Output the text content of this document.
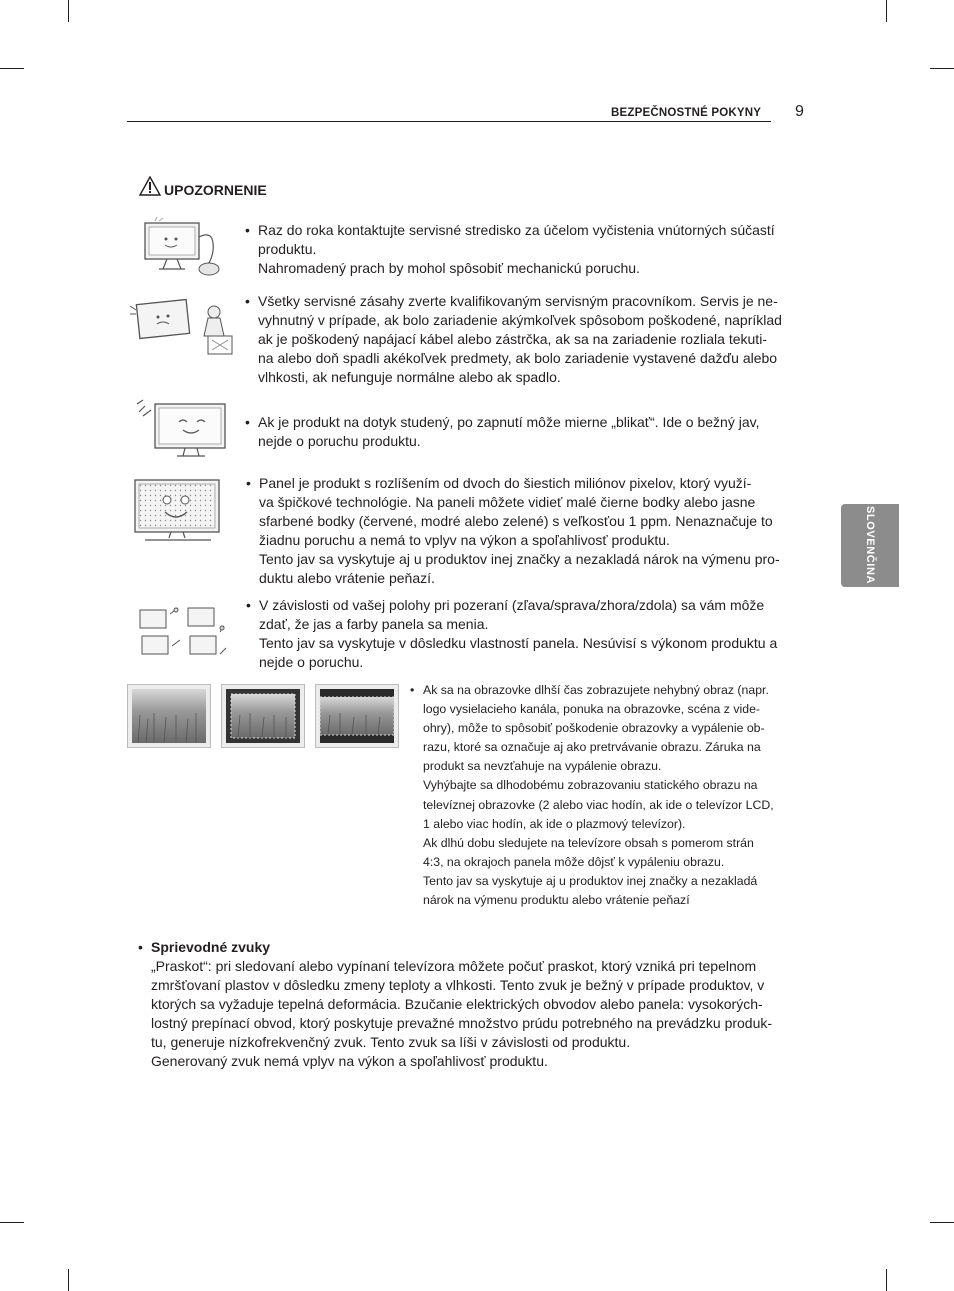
BEZPEČNOSTNÉ POKYNY 9
SLOVENČINA
UPOZORNENIE
• Raz do roka kontaktujte servisné stredisko za účelom vyčistenia vnútorných súčastí

produktu.

Nahromadený prach by mohol spôsobiť mechanickú poruchu.

• Všetky servisné zásahy zverte kvalifikovaným servisným pracovníkom. Servis je ne-

vyhnutný v prípade, ak bolo zariadenie akýmkoľvek spôsobom poškodené, napríklad

ak je poškodený napájací kábel alebo zástrčka, ak sa na zariadenie rozliala tekuti-

na alebo doň spadli akékoľvek predmety, ak bolo zariadenie vystavené dažďu alebo

vlhkosti, ak nefunguje normálne alebo ak spadlo.

• Ak je produkt na dotyk studený, po zapnutí môže mierne „blikať“. Ide o bežný jav,

nejde o poruchu produktu.

• Panel je produkt s rozlíšením od dvoch do šiestich miliónov pixelov, ktorý využí-

va špičkové technológie. Na paneli môžete vidieť malé čierne bodky alebo jasne

sfarbené bodky (červené, modré alebo zelené) s veľkosťou 1 ppm. Nenaznačuje to

žiadnu poruchu a nemá to vplyv na výkon a spoľahlivosť produktu.

Tento jav sa vyskytuje aj u produktov inej značky a nezakladá nárok na výmenu pro-

duktu alebo vrátenie peňazí.

• V závislosti od vašej polohy pri pozeraní (zľava/sprava/zhora/zdola) sa vám môže

zdať, že jas a farby panela sa menia.

Tento jav sa vyskytuje v dôsledku vlastností panela. Nesúvisí s výkonom produktu a

nejde o poruchu.

• Ak sa na obrazovke dlhší čas zobrazujete nehybný obraz (napr.

logo vysielacieho kanála, ponuka na obrazovke, scéna z vide-

ohry), môže to spôsobiť poškodenie obrazovky a vypálenie ob-

razu, ktoré sa označuje aj ako pretrvávanie obrazu. Záruka na

produkt sa nevzťahuje na vypálenie obrazu.

Vyhýbajte sa dlhodobému zobrazovaniu statického obrazu na

televíznej obrazovke (2 alebo viac hodín, ak ide o televízor LCD,

1 alebo viac hodín, ak ide o plazmový televízor).

Ak dlhú dobu sledujete na televízore obsah s pomerom strán

4:3, na okrajoch panela môže dôjsť k vypáleniu obrazu.

Tento jav sa vyskytuje aj u produktov inej značky a nezakladá

nárok na výmenu produktu alebo vrátenie peňazí

• Sprievodné zvuky

„Praskot“: pri sledovaní alebo vypínaní televízora môžete počuť praskot, ktorý vzniká pri tepelnom

zmršťovaní plastov v dôsledku zmeny teploty a vlhkosti. Tento zvuk je bežný v prípade produktov, v

ktorých sa vyžaduje tepelná deformácia. Bzučanie elektrických obvodov alebo panela: vysokorých-

lostný prepínací obvod, ktorý poskytuje prevažné množstvo prúdu potrebného na prevádzku produk-

tu, generuje nízkofrekvenčný zvuk. Tento zvuk sa líši v závislosti od produktu.

Generovaný zvuk nemá vplyv na výkon a spoľahlivosť produktu.
